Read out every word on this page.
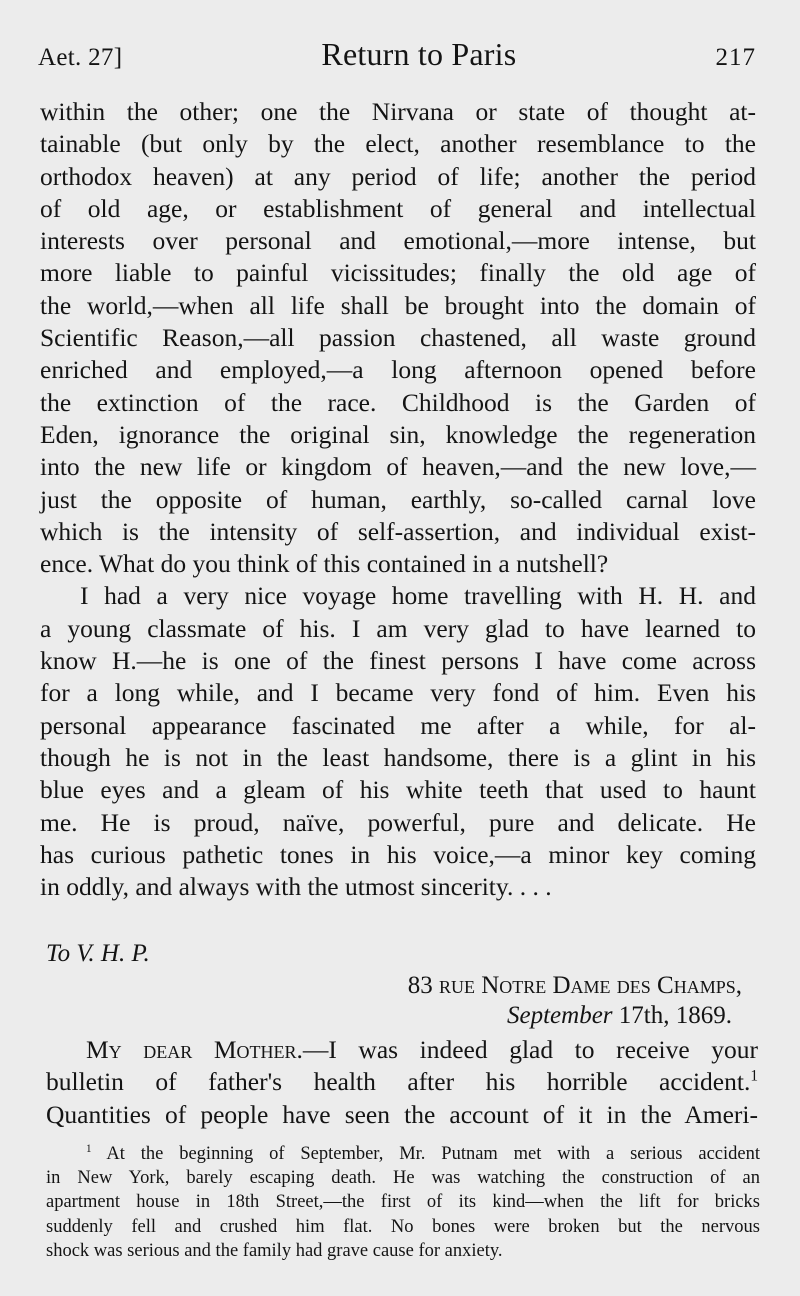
Aet. 27]	Return to Paris	217
within the other; one the Nirvana or state of thought at-
tainable (but only by the elect, another resemblance to the
orthodox heaven) at any period of life; another the period
of old age, or establishment of general and intellectual
interests over personal and emotional,—more intense, but
more liable to painful vicissitudes; finally the old age of
the world,—when all life shall be brought into the domain of
Scientific Reason,—all passion chastened, all waste ground
enriched and employed,—a long afternoon opened before
the extinction of the race. Childhood is the Garden of
Eden, ignorance the original sin, knowledge the regeneration
into the new life or kingdom of heaven,—and the new love,—
just the opposite of human, earthly, so-called carnal love
which is the intensity of self-assertion, and individual exist-
ence. What do you think of this contained in a nutshell?
I had a very nice voyage home travelling with H. H. and
a young classmate of his. I am very glad to have learned to
know H.—he is one of the finest persons I have come across
for a long while, and I became very fond of him. Even his
personal appearance fascinated me after a while, for al-
though he is not in the least handsome, there is a glint in his
blue eyes and a gleam of his white teeth that used to haunt
me. He is proud, naïve, powerful, pure and delicate. He
has curious pathetic tones in his voice,—a minor key coming
in oddly, and always with the utmost sincerity. . . .
To V. H. P.
83 rue Notre Dame des Champs,
September 17th, 1869.
My dear Mother.—I was indeed glad to receive your
bulletin of father's health after his horrible accident.$^1$
Quantities of people have seen the account of it in the Ameri-
$^1$ At the beginning of September, Mr. Putnam met with a serious accident
in New York, barely escaping death. He was watching the construction of an
apartment house in 18th Street,—the first of its kind—when the lift for bricks
suddenly fell and crushed him flat. No bones were broken but the nervous
shock was serious and the family had grave cause for anxiety.
